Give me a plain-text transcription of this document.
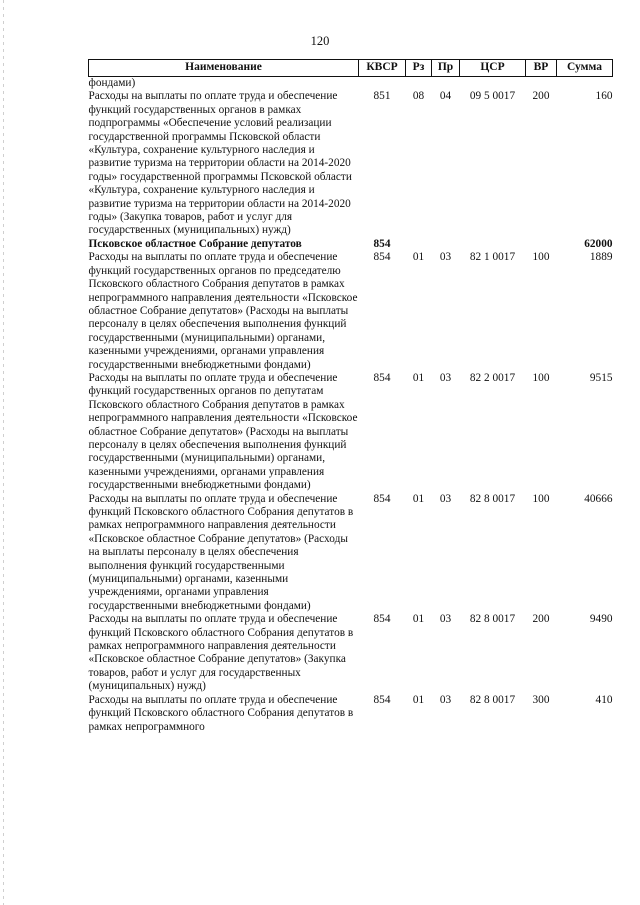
120
Наименование	КВСР	Рз	Пр	ЦСР	ВР	Сумма
фондами)						
Расходы на выплаты по оплате труда и обеспечение функций государственных органов в рамках подпрограммы «Обеспечение условий реализации государственной программы Псковской области «Культура, сохранение культурного наследия и развитие туризма на территории области на 2014-2020 годы» государственной программы Псковской области «Культура, сохранение культурного наследия и развитие туризма на территории области на 2014-2020 годы» (Закупка товаров, работ и услуг для государственных (муниципальных) нужд)	851	08	04	09 5 0017	200	160
Псковское областное Собрание депутатов	854					62000
Расходы на выплаты по оплате труда и обеспечение функций государственных органов по председателю Псковского областного Собрания депутатов в рамках непрограммного направления деятельности «Псковское областное Собрание депутатов» (Расходы на выплаты персоналу в целях обеспечения выполнения функций государственными (муниципальными) органами, казенными учреждениями, органами управления государственными внебюджетными фондами)	854	01	03	82 1 0017	100	1889
Расходы на выплаты по оплате труда и обеспечение функций государственных органов по депутатам Псковского областного Собрания депутатов в рамках непрограммного направления деятельности «Псковское областное Собрание депутатов» (Расходы на выплаты персоналу в целях обеспечения выполнения функций государственными (муниципальными) органами, казенными учреждениями, органами управления государственными внебюджетными фондами)	854	01	03	82 2 0017	100	9515
Расходы на выплаты по оплате труда и обеспечение функций Псковского областного Собрания депутатов в рамках непрограммного направления деятельности «Псковское областное Собрание депутатов» (Расходы на выплаты персоналу в целях обеспечения выполнения функций государственными (муниципальными) органами, казенными учреждениями, органами управления государственными внебюджетными фондами)	854	01	03	82 8 0017	100	40666
Расходы на выплаты по оплате труда и обеспечение функций Псковского областного Собрания депутатов в рамках непрограммного направления деятельности «Псковское областное Собрание депутатов» (Закупка товаров, работ и услуг для государственных (муниципальных) нужд)	854	01	03	82 8 0017	200	9490
Расходы на выплаты по оплате труда и обеспечение функций Псковского областного Собрания депутатов в рамках непрограммного	854	01	03	82 8 0017	300	410
